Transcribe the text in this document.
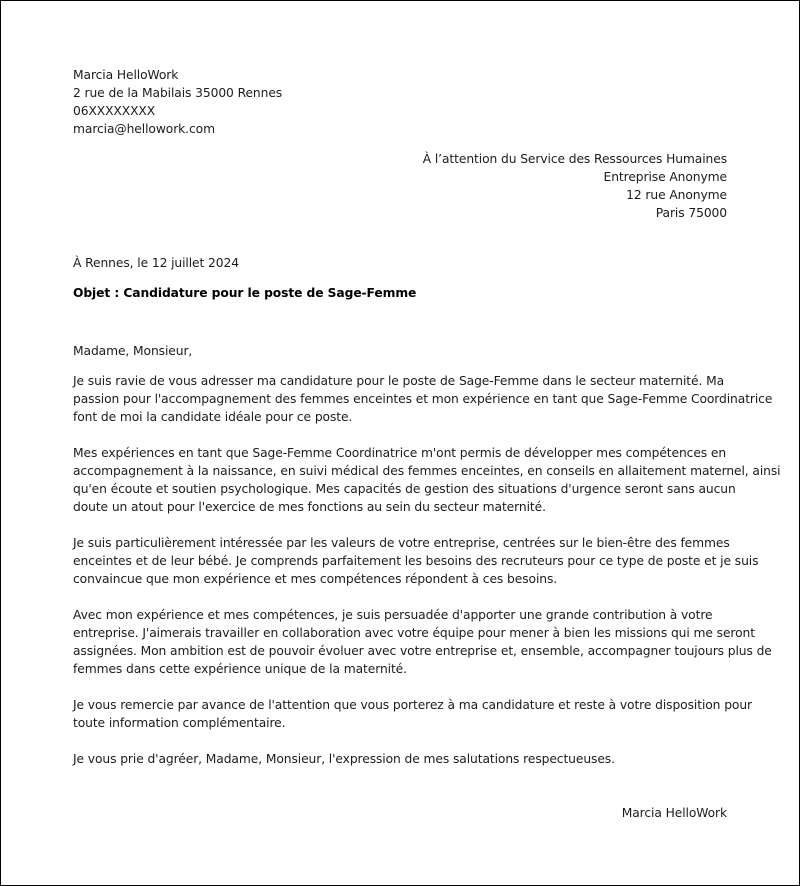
Marcia HelloWork
2 rue de la Mabilais 35000 Rennes
06XXXXXXXX
marcia@hellowork.com
À l’attention du Service des Ressources Humaines
Entreprise Anonyme
12 rue Anonyme
Paris 75000
À Rennes, le 12 juillet 2024
Objet : Candidature pour le poste de Sage-Femme
Madame, Monsieur,

Je suis ravie de vous adresser ma candidature pour le poste de Sage-Femme dans le secteur maternité. Ma
passion pour l'accompagnement des femmes enceintes et mon expérience en tant que Sage-Femme Coordinatrice
font de moi la candidate idéale pour ce poste.

Mes expériences en tant que Sage-Femme Coordinatrice m'ont permis de développer mes compétences en
accompagnement à la naissance, en suivi médical des femmes enceintes, en conseils en allaitement maternel, ainsi
qu'en écoute et soutien psychologique. Mes capacités de gestion des situations d'urgence seront sans aucun
doute un atout pour l'exercice de mes fonctions au sein du secteur maternité.

Je suis particulièrement intéressée par les valeurs de votre entreprise, centrées sur le bien-être des femmes
enceintes et de leur bébé. Je comprends parfaitement les besoins des recruteurs pour ce type de poste et je suis
convaincue que mon expérience et mes compétences répondent à ces besoins.

Avec mon expérience et mes compétences, je suis persuadée d'apporter une grande contribution à votre
entreprise. J'aimerais travailler en collaboration avec votre équipe pour mener à bien les missions qui me seront
assignées. Mon ambition est de pouvoir évoluer avec votre entreprise et, ensemble, accompagner toujours plus de
femmes dans cette expérience unique de la maternité.

Je vous remercie par avance de l'attention que vous porterez à ma candidature et reste à votre disposition pour
toute information complémentaire.

Je vous prie d'agréer, Madame, Monsieur, l'expression de mes salutations respectueuses.
Marcia HelloWork
